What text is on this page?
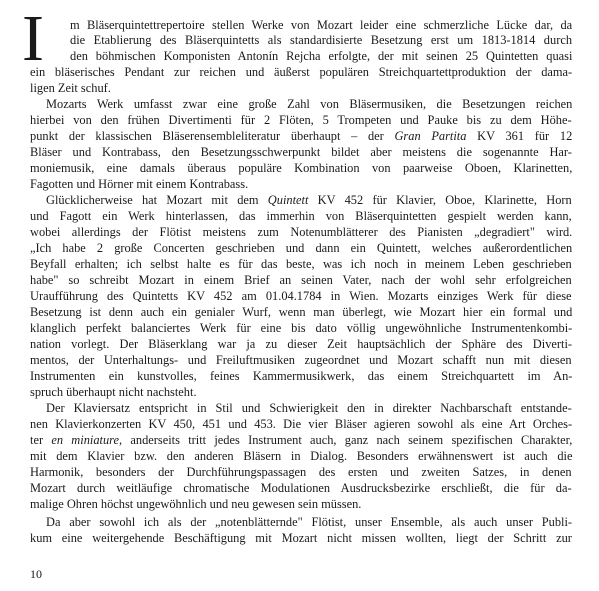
I m Bläserquintettrepertoire stellen Werke von Mozart leider eine schmerzliche Lücke dar, da
die Etablierung des Bläserquintetts als standardisierte Besetzung erst um 1813-1814 durch
den böhmischen Komponisten Antonín Rejcha erfolgte, der mit seinen 25 Quintetten quasi
ein bläserisches Pendant zur reichen und äußerst populären Streichquartettproduktion der dama-
ligen Zeit schuf.
Mozarts Werk umfasst zwar eine große Zahl von Bläsermusiken, die Besetzungen reichen
hierbei von den frühen Divertimenti für 2 Flöten, 5 Trompeten und Pauke bis zu dem Höhe-
punkt der klassischen Bläserensembleliteratur überhaupt – der Gran Partita KV 361 für 12
Bläser und Kontrabass, den Besetzungsschwerpunkt bildet aber meistens die sogenannte Har-
moniemusik, eine damals überaus populäre Kombination von paarweise Oboen, Klarinetten,
Fagotten und Hörner mit einem Kontrabass.
Glücklicherweise hat Mozart mit dem Quintett KV 452 für Klavier, Oboe, Klarinette, Horn
und Fagott ein Werk hinterlassen, das immerhin von Bläserquintetten gespielt werden kann,
wobei allerdings der Flötist meistens zum Notenumblätterer des Pianisten „degradiert" wird.
„Ich habe 2 große Concerten geschrieben und dann ein Quintett, welches außerordentlichen
Beyfall erhalten; ich selbst halte es für das beste, was ich noch in meinem Leben geschrieben
habe" so schreibt Mozart in einem Brief an seinen Vater, nach der wohl sehr erfolgreichen
Uraufführung des Quintetts KV 452 am 01.04.1784 in Wien. Mozarts einziges Werk für diese
Besetzung ist denn auch ein genialer Wurf, wenn man überlegt, wie Mozart hier ein formal und
klanglich perfekt balanciertes Werk für eine bis dato völlig ungewöhnliche Instrumentenkombi-
nation vorlegt. Der Bläserklang war ja zu dieser Zeit hauptsächlich der Sphäre des Diverti-
mentos, der Unterhaltungs- und Freiluftmusiken zugeordnet und Mozart schafft nun mit diesen
Instrumenten ein kunstvolles, feines Kammermusikwerk, das einem Streichquartett im An-
spruch überhaupt nicht nachsteht.
Der Klaviersatz entspricht in Stil und Schwierigkeit den in direkter Nachbarschaft entstande-
nen Klavierkonzerten KV 450, 451 und 453. Die vier Bläser agieren sowohl als eine Art Orches-
ter en miniature, anderseits tritt jedes Instrument auch, ganz nach seinem spezifischen Charakter,
mit dem Klavier bzw. den anderen Bläsern in Dialog. Besonders erwähnenswert ist auch die
Harmonik, besonders der Durchführungspassagen des ersten und zweiten Satzes, in denen
Mozart durch weitläufige chromatische Modulationen Ausdrucksbezirke erschließt, die für da-
malige Ohren höchst ungewöhnlich und neu gewesen sein müssen.
Da aber sowohl ich als der „notenblätternde" Flötist, unser Ensemble, als auch unser Publi-
kum eine weitergehende Beschäftigung mit Mozart nicht missen wollten, liegt der Schritt zur
10
